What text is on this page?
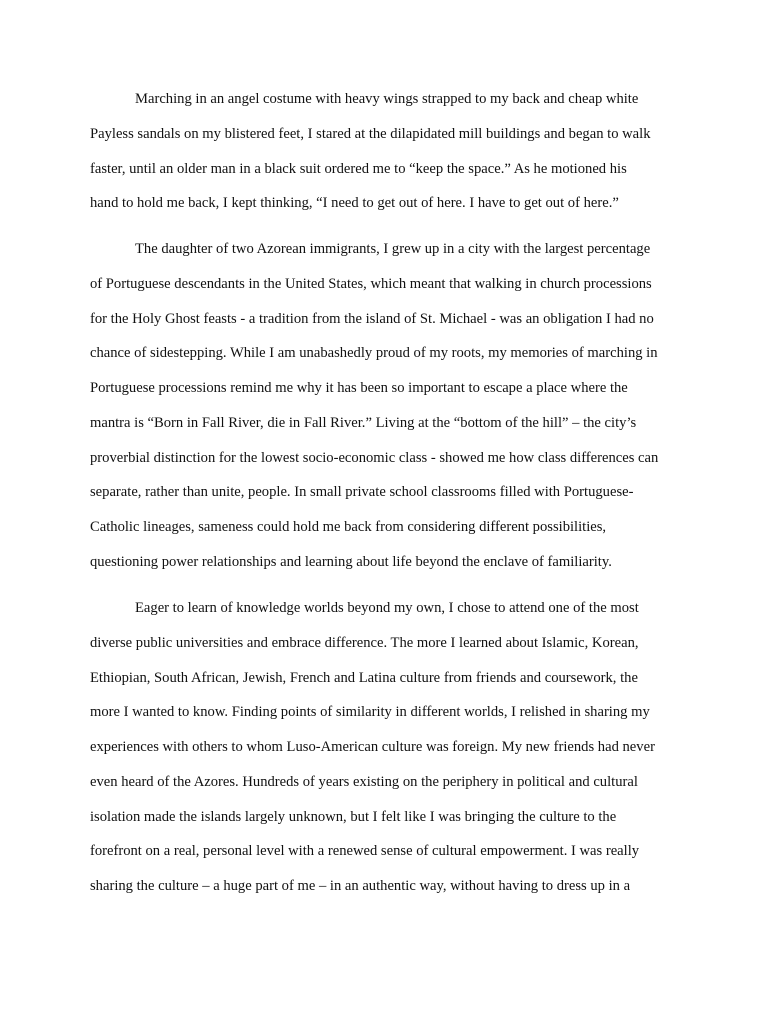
Marching in an angel costume with heavy wings strapped to my back and cheap white
Payless sandals on my blistered feet, I stared at the dilapidated mill buildings and began to walk
faster, until an older man in a black suit ordered me to “keep the space.” As he motioned his
hand to hold me back, I kept thinking, “I need to get out of here. I have to get out of here.”
The daughter of two Azorean immigrants, I grew up in a city with the largest percentage
of Portuguese descendants in the United States, which meant that walking in church processions
for the Holy Ghost feasts - a tradition from the island of St. Michael - was an obligation I had no
chance of sidestepping. While I am unabashedly proud of my roots, my memories of marching in
Portuguese processions remind me why it has been so important to escape a place where the
mantra is “Born in Fall River, die in Fall River.” Living at the “bottom of the hill” – the city’s
proverbial distinction for the lowest socio-economic class - showed me how class differences can
separate, rather than unite, people. In small private school classrooms filled with Portuguese-
Catholic lineages, sameness could hold me back from considering different possibilities,
questioning power relationships and learning about life beyond the enclave of familiarity.
Eager to learn of knowledge worlds beyond my own, I chose to attend one of the most
diverse public universities and embrace difference. The more I learned about Islamic, Korean,
Ethiopian, South African, Jewish, French and Latina culture from friends and coursework, the
more I wanted to know. Finding points of similarity in different worlds, I relished in sharing my
experiences with others to whom Luso-American culture was foreign. My new friends had never
even heard of the Azores. Hundreds of years existing on the periphery in political and cultural
isolation made the islands largely unknown, but I felt like I was bringing the culture to the
forefront on a real, personal level with a renewed sense of cultural empowerment. I was really
sharing the culture – a huge part of me – in an authentic way, without having to dress up in a
